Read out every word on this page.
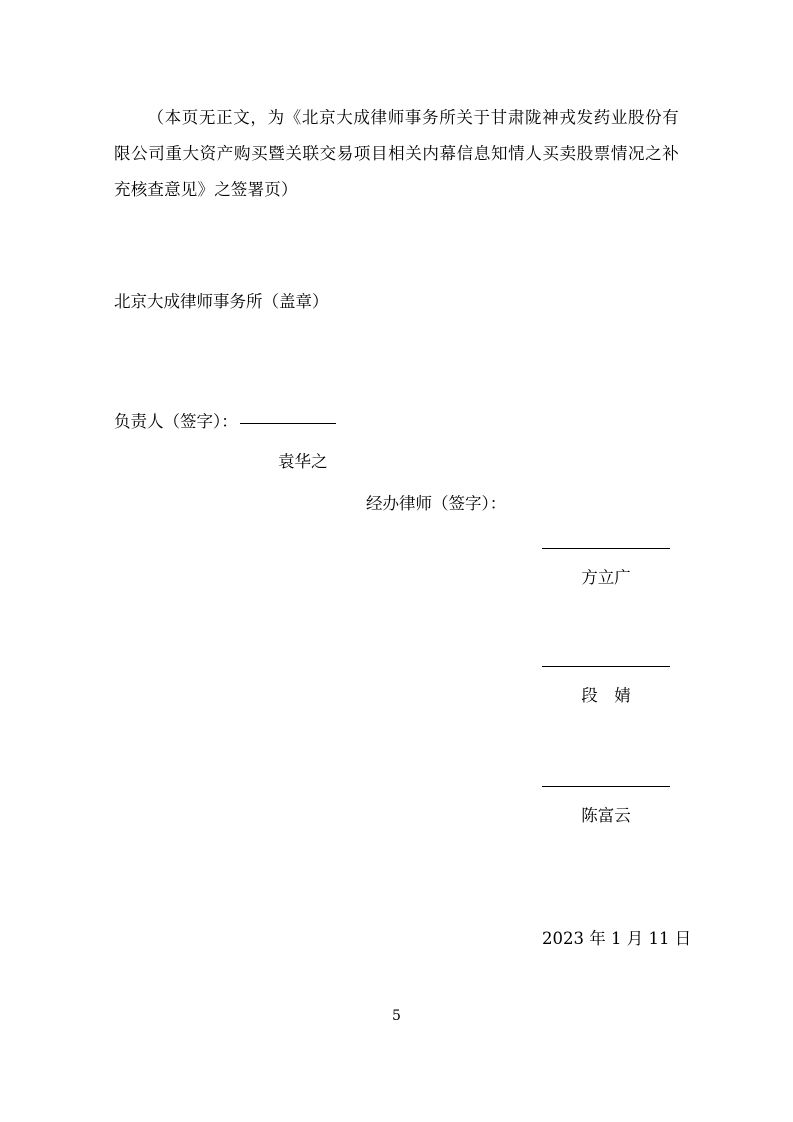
（本页无正文，为《北京大成律师事务所关于甘肃陇神戎发药业股份有限公司重大资产购买暨关联交易项目相关内幕信息知情人买卖股票情况之补充核查意见》之签署页）
北京大成律师事务所（盖章）
负责人（签字）：
袁华之
经办律师（签字）：
方立广
段　婧
陈富云
2023 年 1 月 11 日
5
